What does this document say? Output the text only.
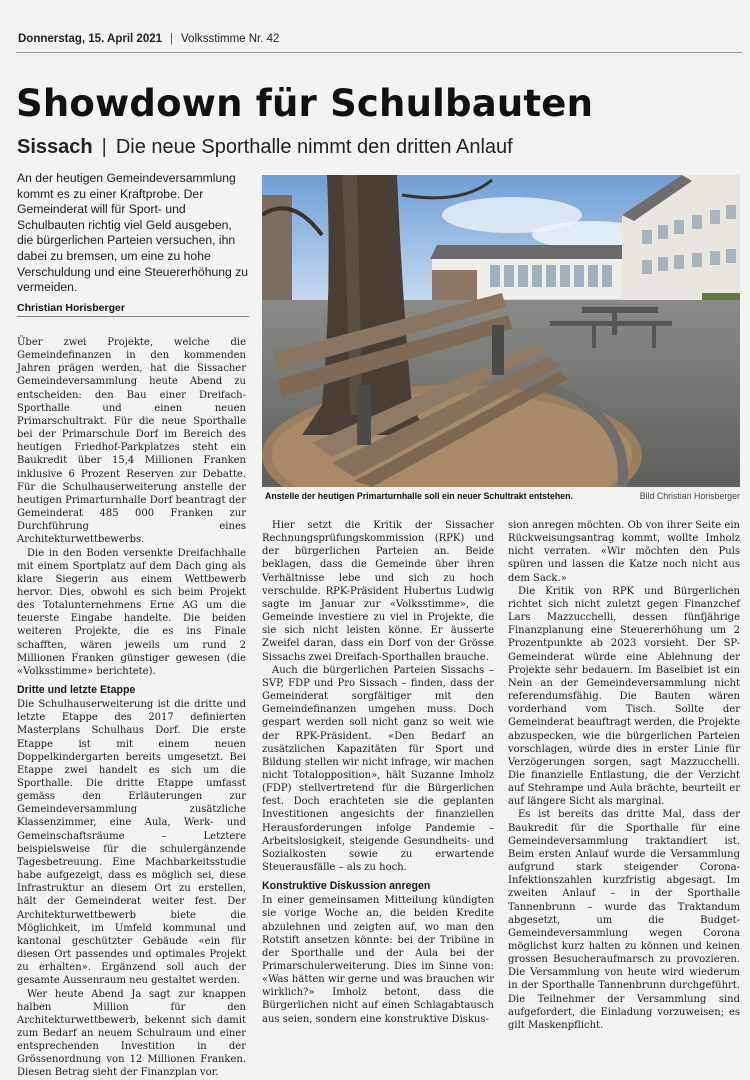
Donnerstag, 15. April 2021 | Volksstimme Nr. 42
Showdown für Schulbauten
Sissach | Die neue Sporthalle nimmt den dritten Anlauf
An der heutigen Gemeindeversammlung kommt es zu einer Kraftprobe. Der Gemeinderat will für Sport- und Schulbauten richtig viel Geld ausgeben, die bürgerlichen Parteien versuchen, ihn dabei zu bremsen, um eine zu hohe Verschuldung und eine Steuererhöhung zu vermeiden.
Christian Horisberger
Anstelle der heutigen Primarturnhalle soll ein neuer Schultrakt entstehen.	Bild Christian Horisberger

Über zwei Projekte, welche die Gemeindefinanzen in den kommenden Jahren prägen werden, hat die Sissacher Gemeindeversammlung heute Abend zu entscheiden: den Bau einer Dreifach-Sporthalle und einen neuen Primarschultrakt. Für die neue Sporthalle bei der Primarschule Dorf im Bereich des heutigen Friedhof-Parkplatzes steht ein Baukredit über 15,4 Millionen Franken inklusive 6 Prozent Reserven zur Debatte. Für die Schulhauserweiterung anstelle der heutigen Primarturnhalle Dorf beantragt der Gemeinderat 485 000 Franken zur Durchführung eines Architekturwettbewerbs.

Die in den Boden versenkte Dreifachhalle mit einem Sportplatz auf dem Dach ging als klare Siegerin aus einem Wettbewerb hervor. Dies, obwohl es sich beim Projekt des Totalunternehmens Erne AG um die teuerste Eingabe handelte. Die beiden weiteren Projekte, die es ins Finale schafften, wären jeweils um rund 2 Millionen Franken günstiger gewesen (die «Volksstimme» berichtete).

Dritte und letzte Etappe

Die Schulhauserweiterung ist die dritte und letzte Etappe des 2017 definierten Masterplans Schulhaus Dorf. Die erste Etappe ist mit einem neuen Doppelkindergarten bereits umgesetzt. Bei Etappe zwei handelt es sich um die Sporthalle. Die dritte Etappe umfasst gemäss den Erläuterungen zur Gemeindeversammlung zusätzliche Klassenzimmer, eine Aula, Werk- und Gemeinschaftsräume – Letztere beispielsweise für die schulergänzende Tagesbetreuung. Eine Machbarkeitsstudie habe aufgezeigt, dass es möglich sei, diese Infrastruktur an diesem Ort zu erstellen, hält der Gemeinderat weiter fest. Der Architekturwettbewerb biete die Möglichkeit, im Umfeld kommunal und kantonal geschützter Gebäude «ein für diesen Ort passendes und optimales Projekt zu erhalten». Ergänzend soll auch der gesamte Aussenraum neu gestaltet werden.

Wer heute Abend Ja sagt zur knappen halben Million für den Architekturwettbewerb, bekennt sich damit zum Bedarf an neuem Schulraum und einer entsprechenden Investition in der Grössenordnung von 12 Millionen Franken. Diesen Betrag sieht der Finanzplan vor.

Hier setzt die Kritik der Sissacher Rechnungsprüfungskommission (RPK) und der bürgerlichen Parteien an. Beide beklagen, dass die Gemeinde über ihren Verhältnisse lebe und sich zu hoch verschulde. RPK-Präsident Hubertus Ludwig sagte im Januar zur «Volksstimme», die Gemeinde investiere zu viel in Projekte, die sie sich nicht leisten könne. Er äusserte Zweifel daran, dass ein Dorf von der Grösse Sissachs zwei Dreifach-Sporthallen brauche.

Auch die bürgerlichen Parteien Sissachs – SVP, FDP und Pro Sissach – finden, dass der Gemeinderat sorgfältiger mit den Gemeindefinanzen umgehen muss. Doch gespart werden soll nicht ganz so weit wie der RPK-Präsident. «Den Bedarf an zusätzlichen Kapazitäten für Sport und Bildung stellen wir nicht infrage, wir machen nicht Totalopposition», hält Suzanne Imholz (FDP) stellvertretend für die Bürgerlichen fest. Doch erachteten sie die geplanten Investitionen angesichts der finanziellen Herausforderungen infolge Pandemie – Arbeitslosigkeit, steigende Gesundheits- und Sozialkosten sowie zu erwartende Steuerausfälle – als zu hoch.

Konstruktive Diskussion anregen

In einer gemeinsamen Mitteilung kündigten sie vorige Woche an, die beiden Kredite abzulehnen und zeigten auf, wo man den Rotstift ansetzen könnte: bei der Tribüne in der Sporthalle und der Aula bei der Primarschulerweiterung. Dies im Sinne von: «Was hätten wir gerne und was brauchen wir wirklich?» Imholz betont, dass die Bürgerlichen nicht auf einen Schlagabtausch aus seien, sondern eine konstruktive Diskus-

sion anregen möchten. Ob von ihrer Seite ein Rückweisungsantrag kommt, wollte Imholz nicht verraten. «Wir möchten den Puls spüren und lassen die Katze noch nicht aus dem Sack.»

Die Kritik von RPK und Bürgerlichen richtet sich nicht zuletzt gegen Finanzchef Lars Mazzucchelli, dessen fünfjährige Finanzplanung eine Steuererhöhung um 2 Prozentpunkte ab 2023 vorsieht. Der SP-Gemeinderat würde eine Ablehnung der Projekte sehr bedauern. Im Baselbiet ist ein Nein an der Gemeindeversammlung nicht referendumsfähig. Die Bauten wären vorderhand vom Tisch. Sollte der Gemeinderat beauftragt werden, die Projekte abzuspecken, wie die bürgerlichen Parteien vorschlagen, würde dies in erster Linie für Verzögerungen sorgen, sagt Mazzucchelli. Die finanzielle Entlastung, die der Verzicht auf Stehrampe und Aula brächte, beurteilt er auf längere Sicht als marginal.

Es ist bereits das dritte Mal, dass der Baukredit für die Sporthalle für eine Gemeindeversammlung traktandiert ist. Beim ersten Anlauf wurde die Versammlung aufgrund stark steigender Corona-Infektionszahlen kurzfristig abgesagt. Im zweiten Anlauf – in der Sporthalle Tannenbrunn – wurde das Traktandum abgesetzt, um die Budget-Gemeindeversammlung wegen Corona möglichst kurz halten zu können und keinen grossen Besucheraufmarsch zu provozieren. Die Versammlung von heute wird wiederum in der Sporthalle Tannenbrunn durchgeführt. Die Teilnehmer der Versammlung sind aufgefordert, die Einladung vorzuweisen; es gilt Maskenpflicht.
